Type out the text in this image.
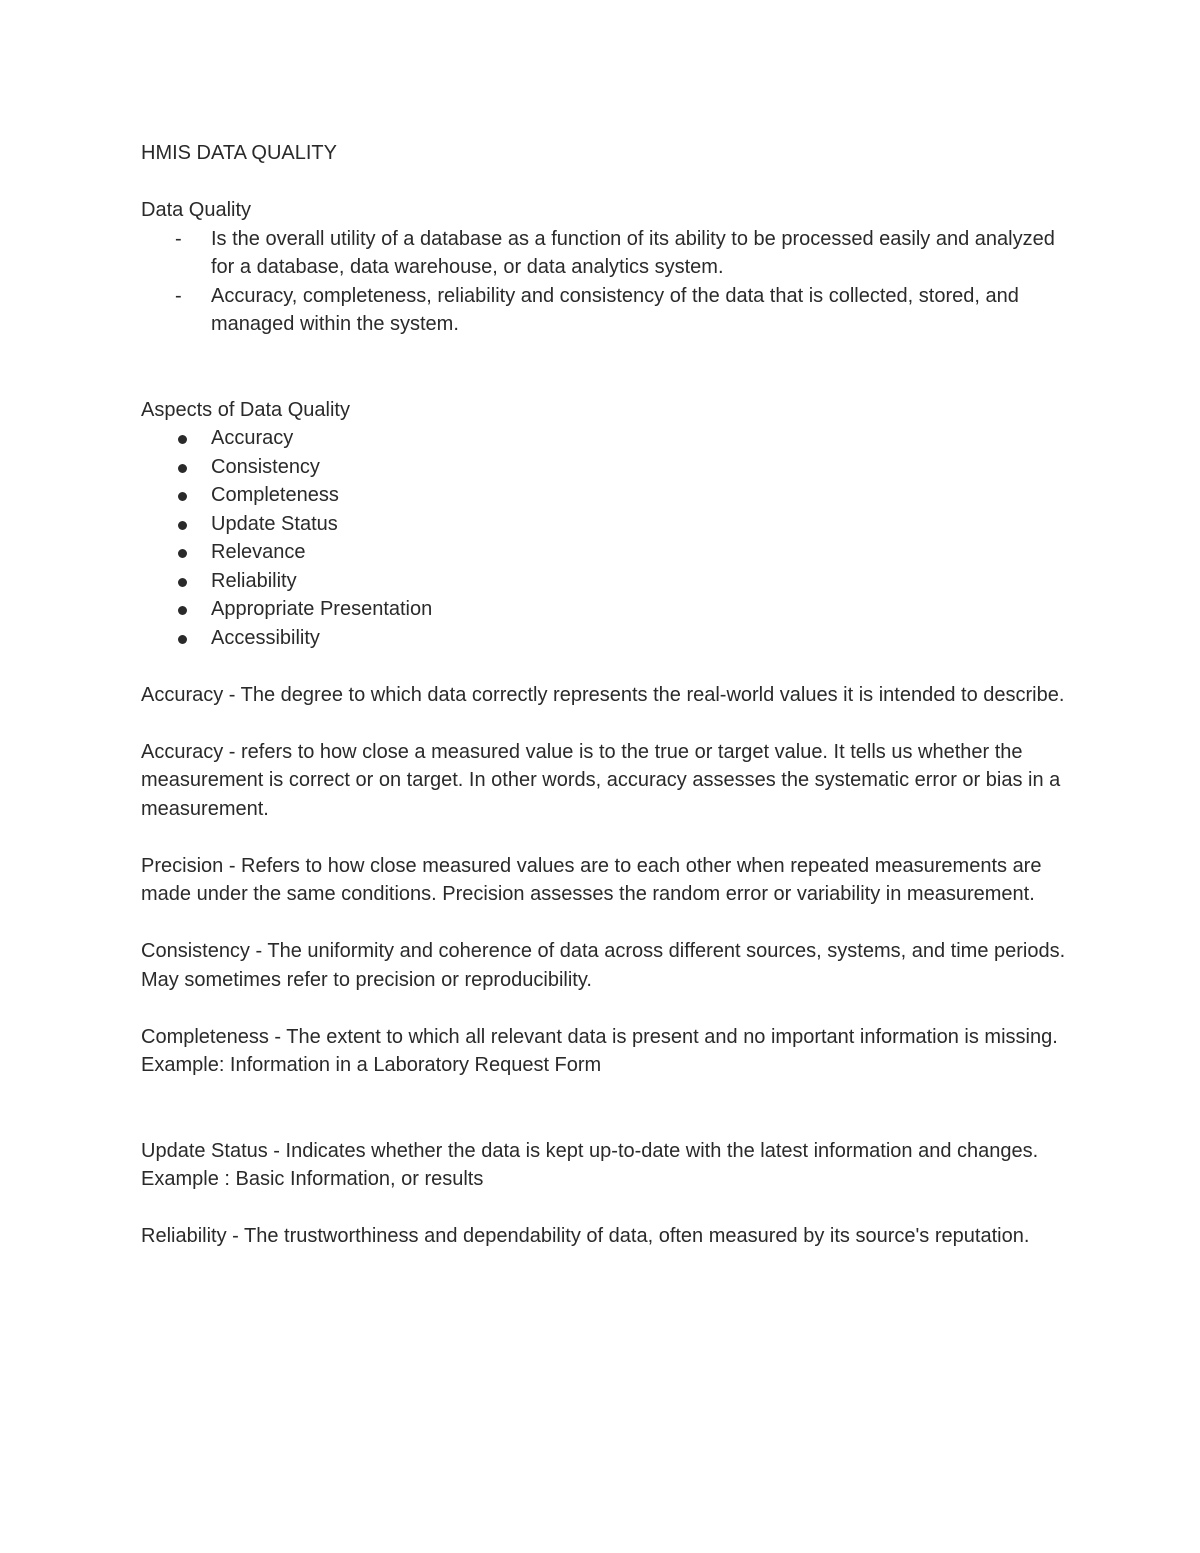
HMIS DATA QUALITY

Data Quality

- Is the overall utility of a database as a function of its ability to be processed easily and analyzed for a database, data warehouse, or data analytics system.
- Accuracy, completeness, reliability and consistency of the data that is collected, stored, and managed within the system.

Aspects of Data Quality

Accuracy
Consistency
Completeness
Update Status
Relevance
Reliability
Appropriate Presentation
Accessibility

Accuracy - The degree to which data correctly represents the real-world values it is intended to describe.

Accuracy - refers to how close a measured value is to the true or target value. It tells us whether the measurement is correct or on target. In other words, accuracy assesses the systematic error or bias in a measurement.

Precision - Refers to how close measured values are to each other when repeated measurements are made under the same conditions. Precision assesses the random error or variability in measurement.

Consistency - The uniformity and coherence of data across different sources, systems, and time periods. May sometimes refer to precision or reproducibility.

Completeness - The extent to which all relevant data is present and no important information is missing.

Example: Information in a Laboratory Request Form

Update Status - Indicates whether the data is kept up-to-date with the latest information and changes.

Example : Basic Information, or results

Reliability - The trustworthiness and dependability of data, often measured by its source's reputation.
